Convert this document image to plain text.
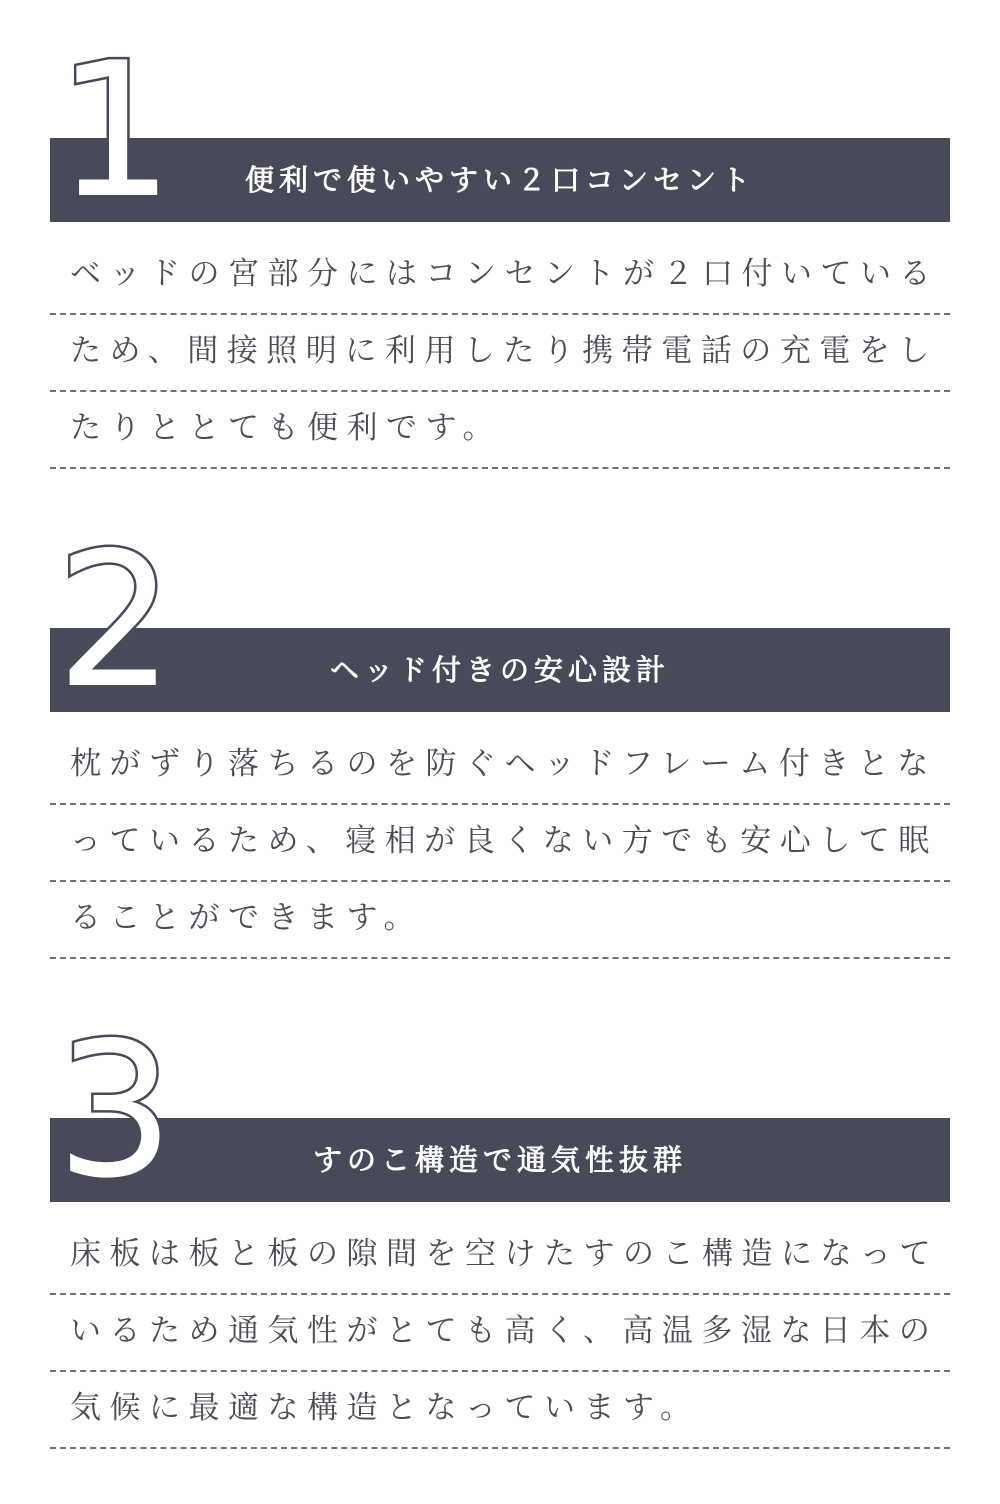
便利で使いやすい２口コンセント
1
ベッドの宮部分にはコンセントが２口付いている
ため、間接照明に利用したり携帯電話の充電をし
たりととても便利です。
ヘッド付きの安心設計
2
枕がずり落ちるのを防ぐヘッドフレーム付きとな
っているため、寝相が良くない方でも安心して眠
ることができます。
すのこ構造で通気性抜群
3
床板は板と板の隙間を空けたすのこ構造になって
いるため通気性がとても高く、高温多湿な日本の
気候に最適な構造となっています。
